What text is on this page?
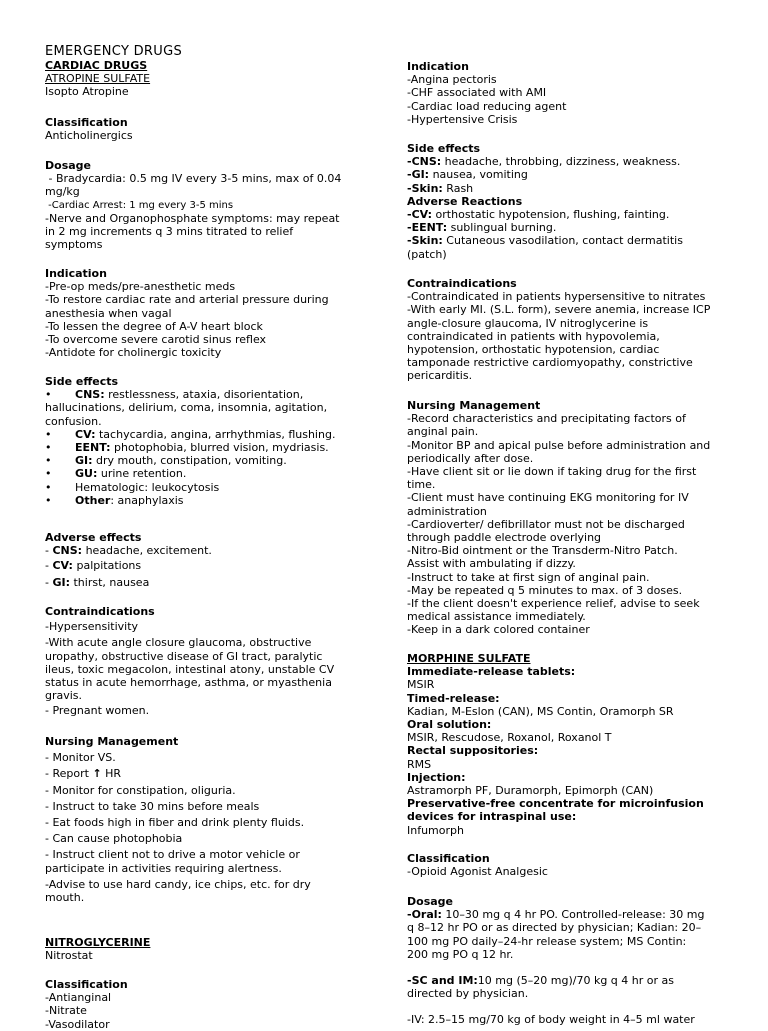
EMERGENCY DRUGS
CARDIAC DRUGS
ATROPINE SULFATE
Isopto Atropine
Classification
Anticholinergics
Dosage
- Bradycardia: 0.5 mg IV every 3-5 mins, max of 0.04
mg/kg
-Cardiac Arrest: 1 mg every 3-5 mins
-Nerve and Organophosphate symptoms: may repeat
in 2 mg increments q 3 mins titrated to relief
symptoms
Indication
-Pre-op meds/pre-anesthetic meds
-To restore cardiac rate and arterial pressure during
anesthesia when vagal
-To lessen the degree of A-V heart block
-To overcome severe carotid sinus reflex
-Antidote for cholinergic toxicity
Side effects
• CNS: restlessness, ataxia, disorientation,
hallucinations, delirium, coma, insomnia, agitation,
confusion.
• CV: tachycardia, angina, arrhythmias, flushing.
• EENT: photophobia, blurred vision, mydriasis.
• GI: dry mouth, constipation, vomiting.
• GU: urine retention.
• Hematologic: leukocytosis
• Other: anaphylaxis
Adverse effects
- CNS: headache, excitement.
- CV: palpitations
- GI: thirst, nausea
Contraindications
-Hypersensitivity
-With acute angle closure glaucoma, obstructive
uropathy, obstructive disease of GI tract, paralytic
ileus, toxic megacolon, intestinal atony, unstable CV
status in acute hemorrhage, asthma, or myasthenia
gravis.
- Pregnant women.
Nursing Management
- Monitor VS.
- Report ↑ HR
- Monitor for constipation, oliguria.
- Instruct to take 30 mins before meals
- Eat foods high in fiber and drink plenty fluids.
- Can cause photophobia
- Instruct client not to drive a motor vehicle or
participate in activities requiring alertness.
-Advise to use hard candy, ice chips, etc. for dry
mouth.
NITROGLYCERINE
Nitrostat
Classification
-Antianginal
-Nitrate
-Vasodilator
Indication
-Angina pectoris
-CHF associated with AMI
-Cardiac load reducing agent
-Hypertensive Crisis
Side effects
-CNS: headache, throbbing, dizziness, weakness.
-GI: nausea, vomiting
-Skin: Rash
Adverse Reactions
-CV: orthostatic hypotension, flushing, fainting.
-EENT: sublingual burning.
-Skin: Cutaneous vasodilation, contact dermatitis
(patch)
Contraindications
-Contraindicated in patients hypersensitive to nitrates
-With early MI. (S.L. form), severe anemia, increase ICP
angle-closure glaucoma, IV nitroglycerine is
contraindicated in patients with hypovolemia,
hypotension, orthostatic hypotension, cardiac
tamponade restrictive cardiomyopathy, constrictive
pericarditis.
Nursing Management
-Record characteristics and precipitating factors of
anginal pain.
-Monitor BP and apical pulse before administration and
periodically after dose.
-Have client sit or lie down if taking drug for the first
time.
-Client must have continuing EKG monitoring for IV
administration
-Cardioverter/ defibrillator must not be discharged
through paddle electrode overlying
-Nitro-Bid ointment or the Transderm-Nitro Patch.
Assist with ambulating if dizzy.
-Instruct to take at first sign of anginal pain.
-May be repeated q 5 minutes to max. of 3 doses.
-If the client doesn't experience relief, advise to seek
medical assistance immediately.
-Keep in a dark colored container
MORPHINE SULFATE
Immediate-release tablets:
MSIR
Timed-release:
Kadian, M-Eslon (CAN), MS Contin, Oramorph SR
Oral solution:
MSIR, Rescudose, Roxanol, Roxanol T
Rectal suppositories:
RMS
Injection:
Astramorph PF, Duramorph, Epimorph (CAN)
Preservative-free concentrate for microinfusion
devices for intraspinal use:
Infumorph
Classification
-Opioid Agonist Analgesic
Dosage
-Oral: 10–30 mg q 4 hr PO. Controlled-release: 30 mg
q 8–12 hr PO or as directed by physician; Kadian: 20–
100 mg PO daily–24-hr release system; MS Contin:
200 mg PO q 12 hr.
-SC and IM:10 mg (5–20 mg)/70 kg q 4 hr or as
directed by physician.
-IV: 2.5–15 mg/70 kg of body weight in 4–5 ml water
